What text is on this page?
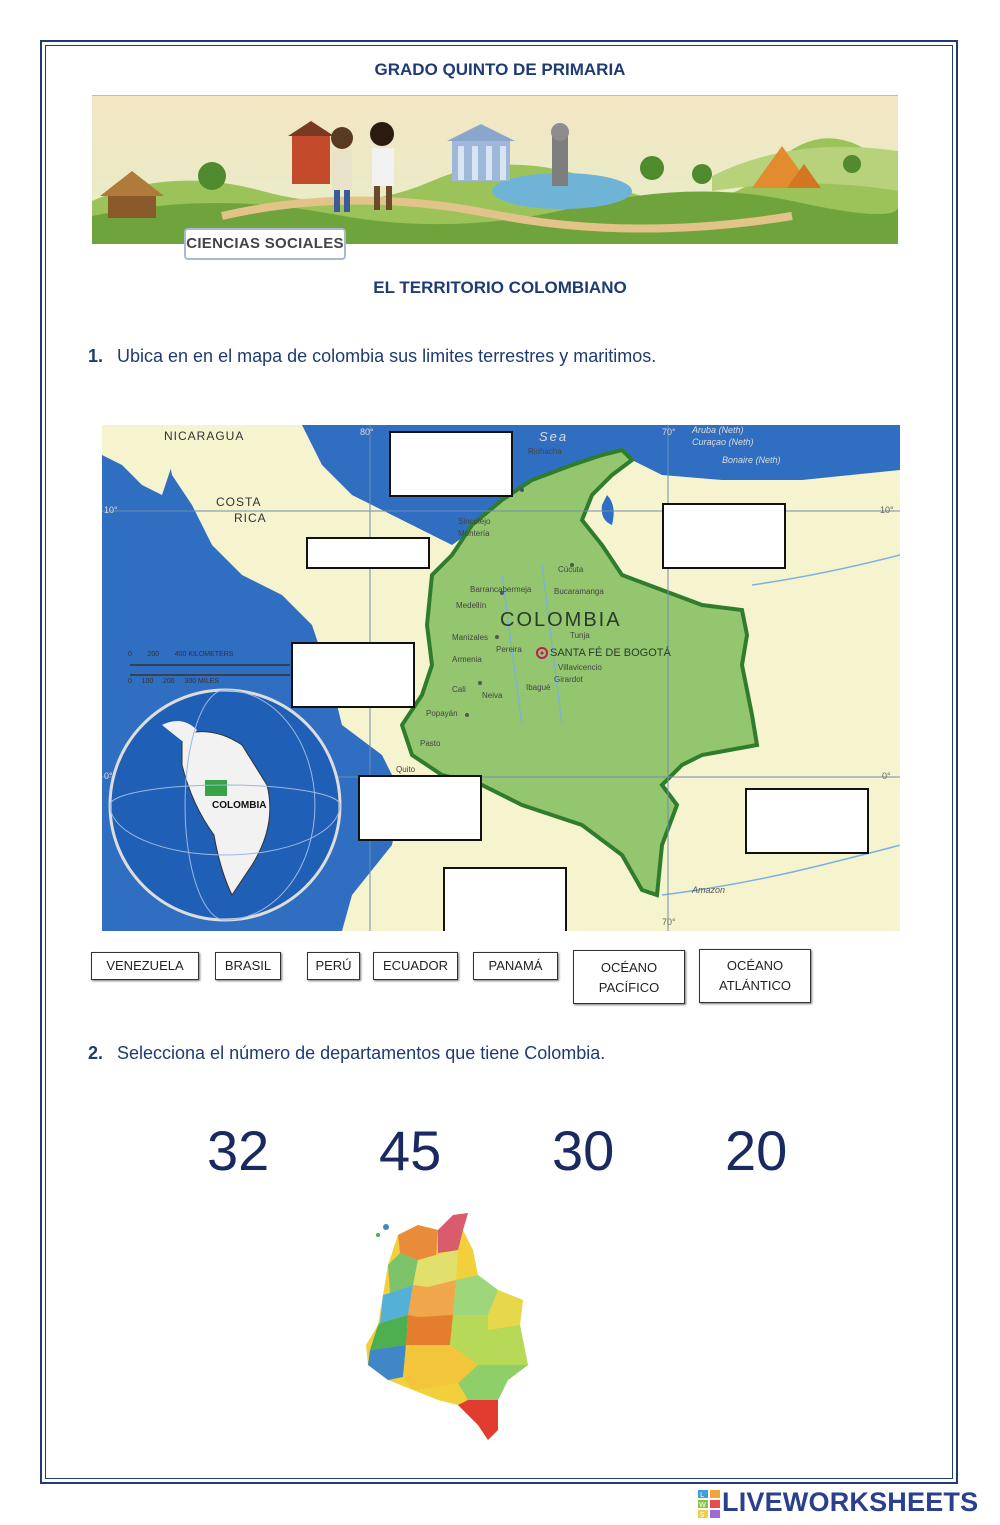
GRADO QUINTO DE PRIMARIA
CIENCIAS SOCIALES
EL TERRITORIO COLOMBIANO
1. Ubica en en el mapa de colombia sus limites terrestres y maritimos.
NICARAGUA
COSTA
RICA
Sea	Aruba (Neth)
Curaçao (Neth)
Bonaire (Neth)
10°	10°
0°	0°
80°	70°
70°
0        200        400 KILOMETERS
0     100     200     300 MILES
COLOMBIA
SANTA FÉ DE BOGOTÁ
COLOMBIA
Amazon
Riohacha
Sincelejo
Montería
Cúcuta
Bucaramanga
Barrancabermeja
Medellín
Manizales	Tunja
Pereira
Armenia
Ibagué
Neiva
Cali
Popayán
Pasto
Villavicencio
Girardot
Quito
VENEZUELA	BRASIL	PERÚ	ECUADOR	PANAMÁ	OCÉANO
PACÍFICO
OCÉANO
ATLÁNTICO
2. Selecciona el número de departamentos que tiene Colombia.
32 45 30 20
L
W
S LIVEWORKSHEETS
